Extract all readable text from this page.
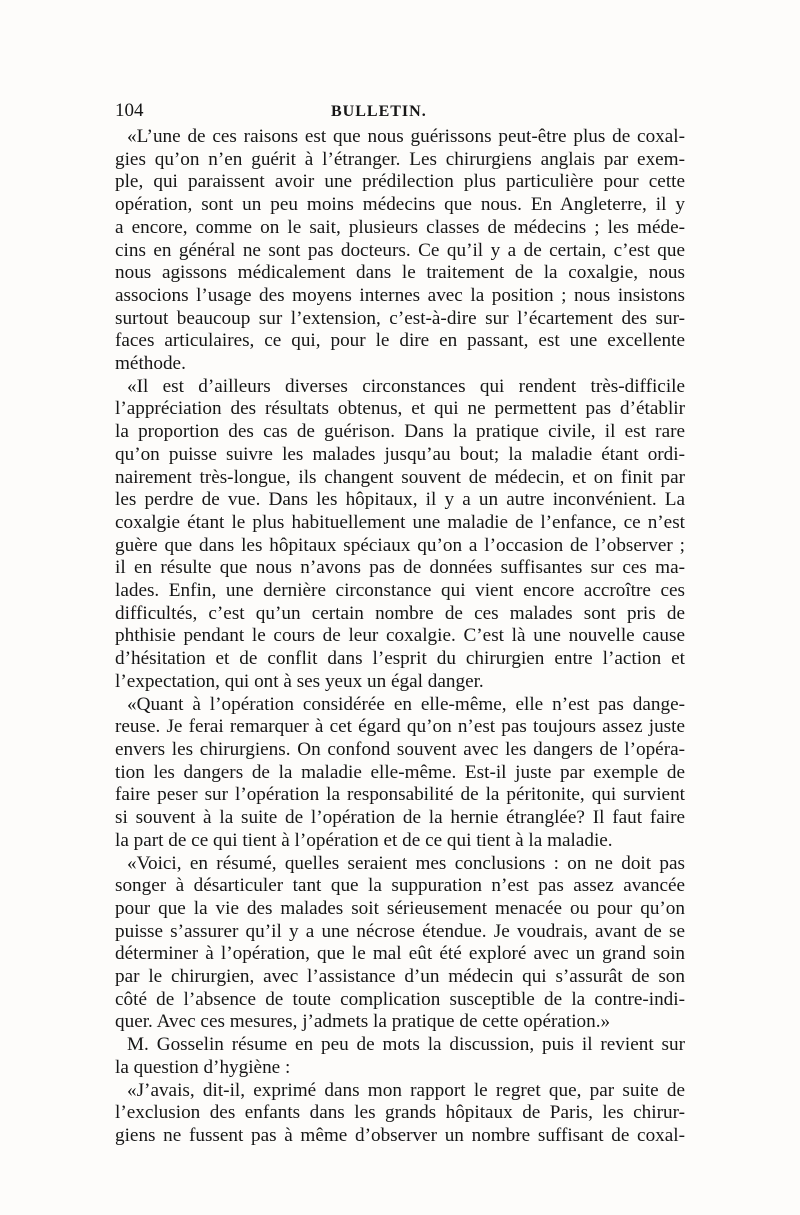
104	BULLETIN.
«L’une de ces raisons est que nous guérissons peut-être plus de coxal-
gies qu’on n’en guérit à l’étranger. Les chirurgiens anglais par exem-
ple, qui paraissent avoir une prédilection plus particulière pour cette
opération, sont un peu moins médecins que nous. En Angleterre, il y
a encore, comme on le sait, plusieurs classes de médecins ; les méde-
cins en général ne sont pas docteurs. Ce qu’il y a de certain, c’est que
nous agissons médicalement dans le traitement de la coxalgie, nous
associons l’usage des moyens internes avec la position ; nous insistons
surtout beaucoup sur l’extension, c’est-à-dire sur l’écartement des sur-
faces articulaires, ce qui, pour le dire en passant, est une excellente
méthode.
«Il est d’ailleurs diverses circonstances qui rendent très-difficile
l’appréciation des résultats obtenus, et qui ne permettent pas d’établir
la proportion des cas de guérison. Dans la pratique civile, il est rare
qu’on puisse suivre les malades jusqu’au bout; la maladie étant ordi-
nairement très-longue, ils changent souvent de médecin, et on finit par
les perdre de vue. Dans les hôpitaux, il y a un autre inconvénient. La
coxalgie étant le plus habituellement une maladie de l’enfance, ce n’est
guère que dans les hôpitaux spéciaux qu’on a l’occasion de l’observer ;
il en résulte que nous n’avons pas de données suffisantes sur ces ma-
lades. Enfin, une dernière circonstance qui vient encore accroître ces
difficultés, c’est qu’un certain nombre de ces malades sont pris de
phthisie pendant le cours de leur coxalgie. C’est là une nouvelle cause
d’hésitation et de conflit dans l’esprit du chirurgien entre l’action et
l’expectation, qui ont à ses yeux un égal danger.
«Quant à l’opération considérée en elle-même, elle n’est pas dange-
reuse. Je ferai remarquer à cet égard qu’on n’est pas toujours assez juste
envers les chirurgiens. On confond souvent avec les dangers de l’opéra-
tion les dangers de la maladie elle-même. Est-il juste par exemple de
faire peser sur l’opération la responsabilité de la péritonite, qui survient
si souvent à la suite de l’opération de la hernie étranglée? Il faut faire
la part de ce qui tient à l’opération et de ce qui tient à la maladie.
«Voici, en résumé, quelles seraient mes conclusions : on ne doit pas
songer à désarticuler tant que la suppuration n’est pas assez avancée
pour que la vie des malades soit sérieusement menacée ou pour qu’on
puisse s’assurer qu’il y a une nécrose étendue. Je voudrais, avant de se
déterminer à l’opération, que le mal eût été exploré avec un grand soin
par le chirurgien, avec l’assistance d’un médecin qui s’assurât de son
côté de l’absence de toute complication susceptible de la contre-indi-
quer. Avec ces mesures, j’admets la pratique de cette opération.»
M. Gosselin résume en peu de mots la discussion, puis il revient sur
la question d’hygiène :
«J’avais, dit-il, exprimé dans mon rapport le regret que, par suite de
l’exclusion des enfants dans les grands hôpitaux de Paris, les chirur-
giens ne fussent pas à même d’observer un nombre suffisant de coxal-
